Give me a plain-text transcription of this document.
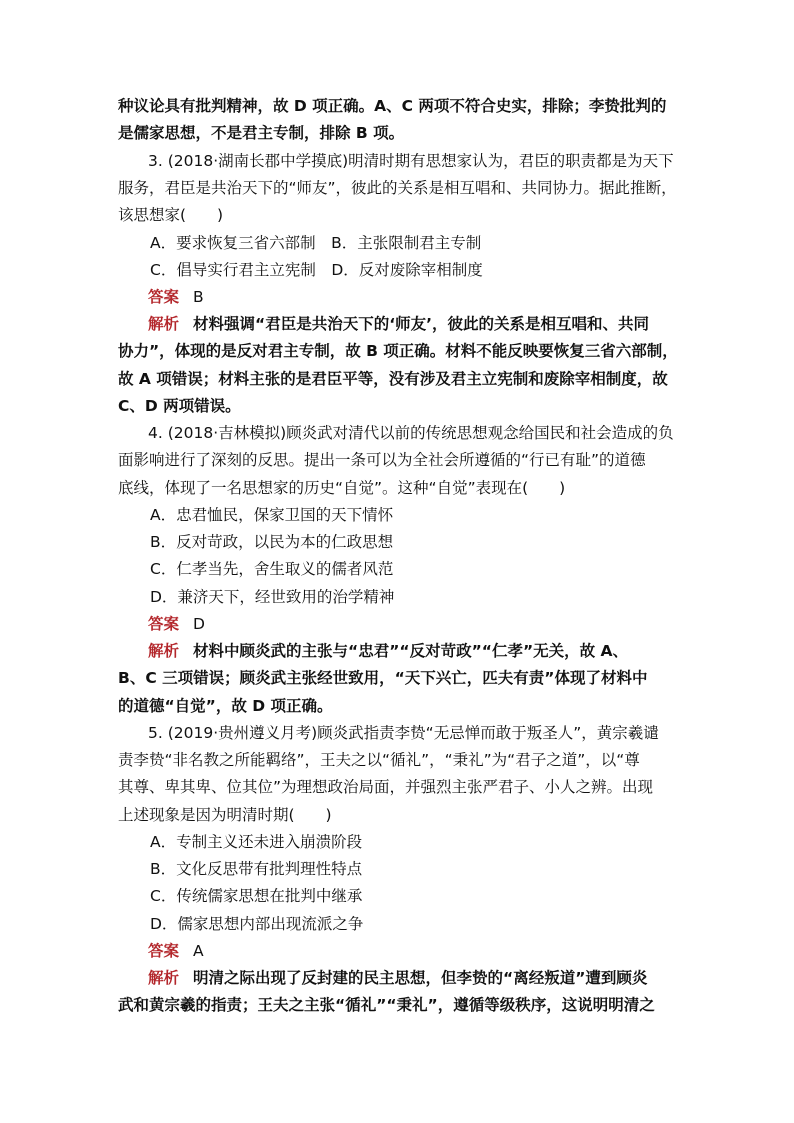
种议论具有批判精神，故 D 项正确。A、C 两项不符合史实，排除；李贽批判的
是儒家思想，不是君主专制，排除 B 项。
3. (2018·湖南长郡中学摸底)明清时期有思想家认为，君臣的职责都是为天下
服务，君臣是共治天下的“师友”，彼此的关系是相互唱和、共同协力。据此推断，
该思想家(　　)
A．要求恢复三省六部制　B．主张限制君主专制
C．倡导实行君主立宪制　D．反对废除宰相制度
答案 B
解析 材料强调“君臣是共治天下的‘师友’，彼此的关系是相互唱和、共同
协力”，体现的是反对君主专制，故 B 项正确。材料不能反映要恢复三省六部制，
故 A 项错误；材料主张的是君臣平等，没有涉及君主立宪制和废除宰相制度，故
C、D 两项错误。
4. (2018·吉林模拟)顾炎武对清代以前的传统思想观念给国民和社会造成的负
面影响进行了深刻的反思。提出一条可以为全社会所遵循的“行已有耻”的道德
底线，体现了一名思想家的历史“自觉”。这种“自觉”表现在(　　)
A．忠君恤民，保家卫国的天下情怀
B．反对苛政，以民为本的仁政思想
C．仁孝当先，舍生取义的儒者风范
D．兼济天下，经世致用的治学精神
答案 D
解析 材料中顾炎武的主张与“忠君”“反对苛政”“仁孝”无关，故 A、
B、C 三项错误；顾炎武主张经世致用，“天下兴亡，匹夫有责”体现了材料中
的道德“自觉”，故 D 项正确。
5. (2019·贵州遵义月考)顾炎武指责李贽“无忌惮而敢于叛圣人”，黄宗羲谴
责李贽“非名教之所能羁络”，王夫之以“循礼”，“秉礼”为“君子之道”，以“尊
其尊、卑其卑、位其位”为理想政治局面，并强烈主张严君子、小人之辨。出现
上述现象是因为明清时期(　　)
A．专制主义还未进入崩溃阶段
B．文化反思带有批判理性特点
C．传统儒家思想在批判中继承
D．儒家思想内部出现流派之争
答案 A
解析 明清之际出现了反封建的民主思想，但李贽的“离经叛道”遭到顾炎
武和黄宗羲的指责；王夫之主张“循礼”“秉礼”，遵循等级秩序，这说明明清之
